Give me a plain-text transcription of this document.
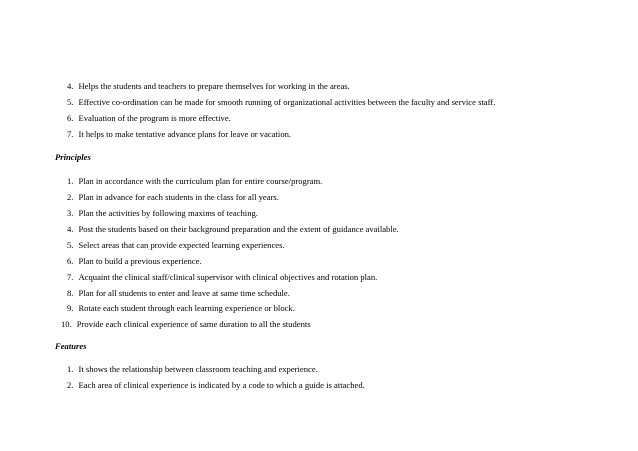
4. Helps the students and teachers to prepare themselves for working in the areas.
5. Effective co-ordination can be made for smooth running of organizational activities between the faculty and service staff.
6. Evaluation of the program is more effective.
7. It helps to make tentative advance plans for leave or vacation.
Principles
1. Plan in accordance with the curriculum plan for entire course/program.
2. Plan in advance for each students in the class for all years.
3. Plan the activities by following maxims of teaching.
4. Post the students based on their background preparation and the extent of guidance available.
5. Select areas that can provide expected learning experiences.
6. Plan to build a previous experience.
7. Acquaint the clinical staff/clinical supervisor with clinical objectives and rotation plan.
8. Plan for all students to enter and leave at same time schedule.
9. Rotate each student through each learning experience or block.
10. Provide each clinical experience of same duration to all the students
Features
1. It shows the relationship between classroom teaching and experience.
2. Each area of clinical experience is indicated by a code to which a guide is attached.
